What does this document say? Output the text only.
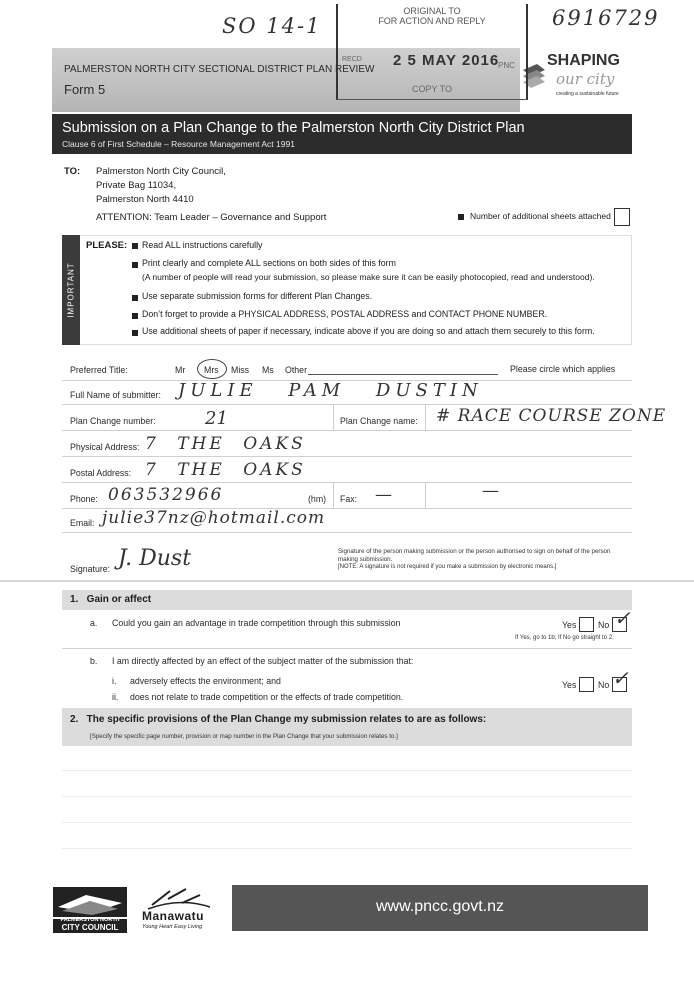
SO 14-1	6916729
PALMERSTON NORTH CITY SECTIONAL DISTRICT PLAN REVIEW
Form 5
SHAPING
our city
creating a sustainable future
ORIGINAL TO
FOR ACTION AND REPLY
RECD 2 5 MAY 2016
PNC
COPY TO
Submission on a Plan Change to the Palmerston North City District Plan
Clause 6 of First Schedule – Resource Management Act 1991
TO: Palmerston North City Council,
Private Bag 11034,
Palmerston North 4410
ATTENTION: Team Leader – Governance and Support	Number of additional sheets attached
IMPORTANT
PLEASE: Read ALL instructions carefully
Print clearly and complete ALL sections on both sides of this form
(A number of people will read your submission, so please make sure it can be easily photocopied, read and understood).
Use separate submission forms for different Plan Changes.
Don’t forget to provide a PHYSICAL ADDRESS, POSTAL ADDRESS and CONTACT PHONE NUMBER.
Use additional sheets of paper if necessary, indicate above if you are doing so and attach them securely to this form.
Preferred Title:	Mr Mrs Miss Ms Other	Please circle which applies
Full Name of submitter: JULIE PAM DUSTIN
Plan Change number:	21	Plan Change name: # RACE COURSE ZONE
Physical Address: 7 THE OAKS
Postal Address: 7 THE OAKS
Phone: 063532966	(hm) Fax: —	—
Email: julie37nz@hotmail.com
Signature: J. Dust	Signature of the person making submission or the person authorised to sign on behalf of the person making submission.
[NOTE: A signature is not required if you make a submission by electronic means.]
1.   Gain or affect
a. Could you gain an advantage in trade competition through this submission	Yes No ✓
If Yes, go to 1b; If No go straight to 2.
b. I am directly affected by an effect of the subject matter of the submission that:
i. adversely effects the environment; and
ii. does not relate to trade competition or the effects of trade competition.
Yes No ✓
2.   The specific provisions of the Plan Change my submission relates to are as follows:
[Specify the specific page number, provision or map number in the Plan Change that your submission relates to.]
PALMERSTON NORTH
CITY COUNCIL
Manawatu
Young Heart Easy Living
www.pncc.govt.nz
